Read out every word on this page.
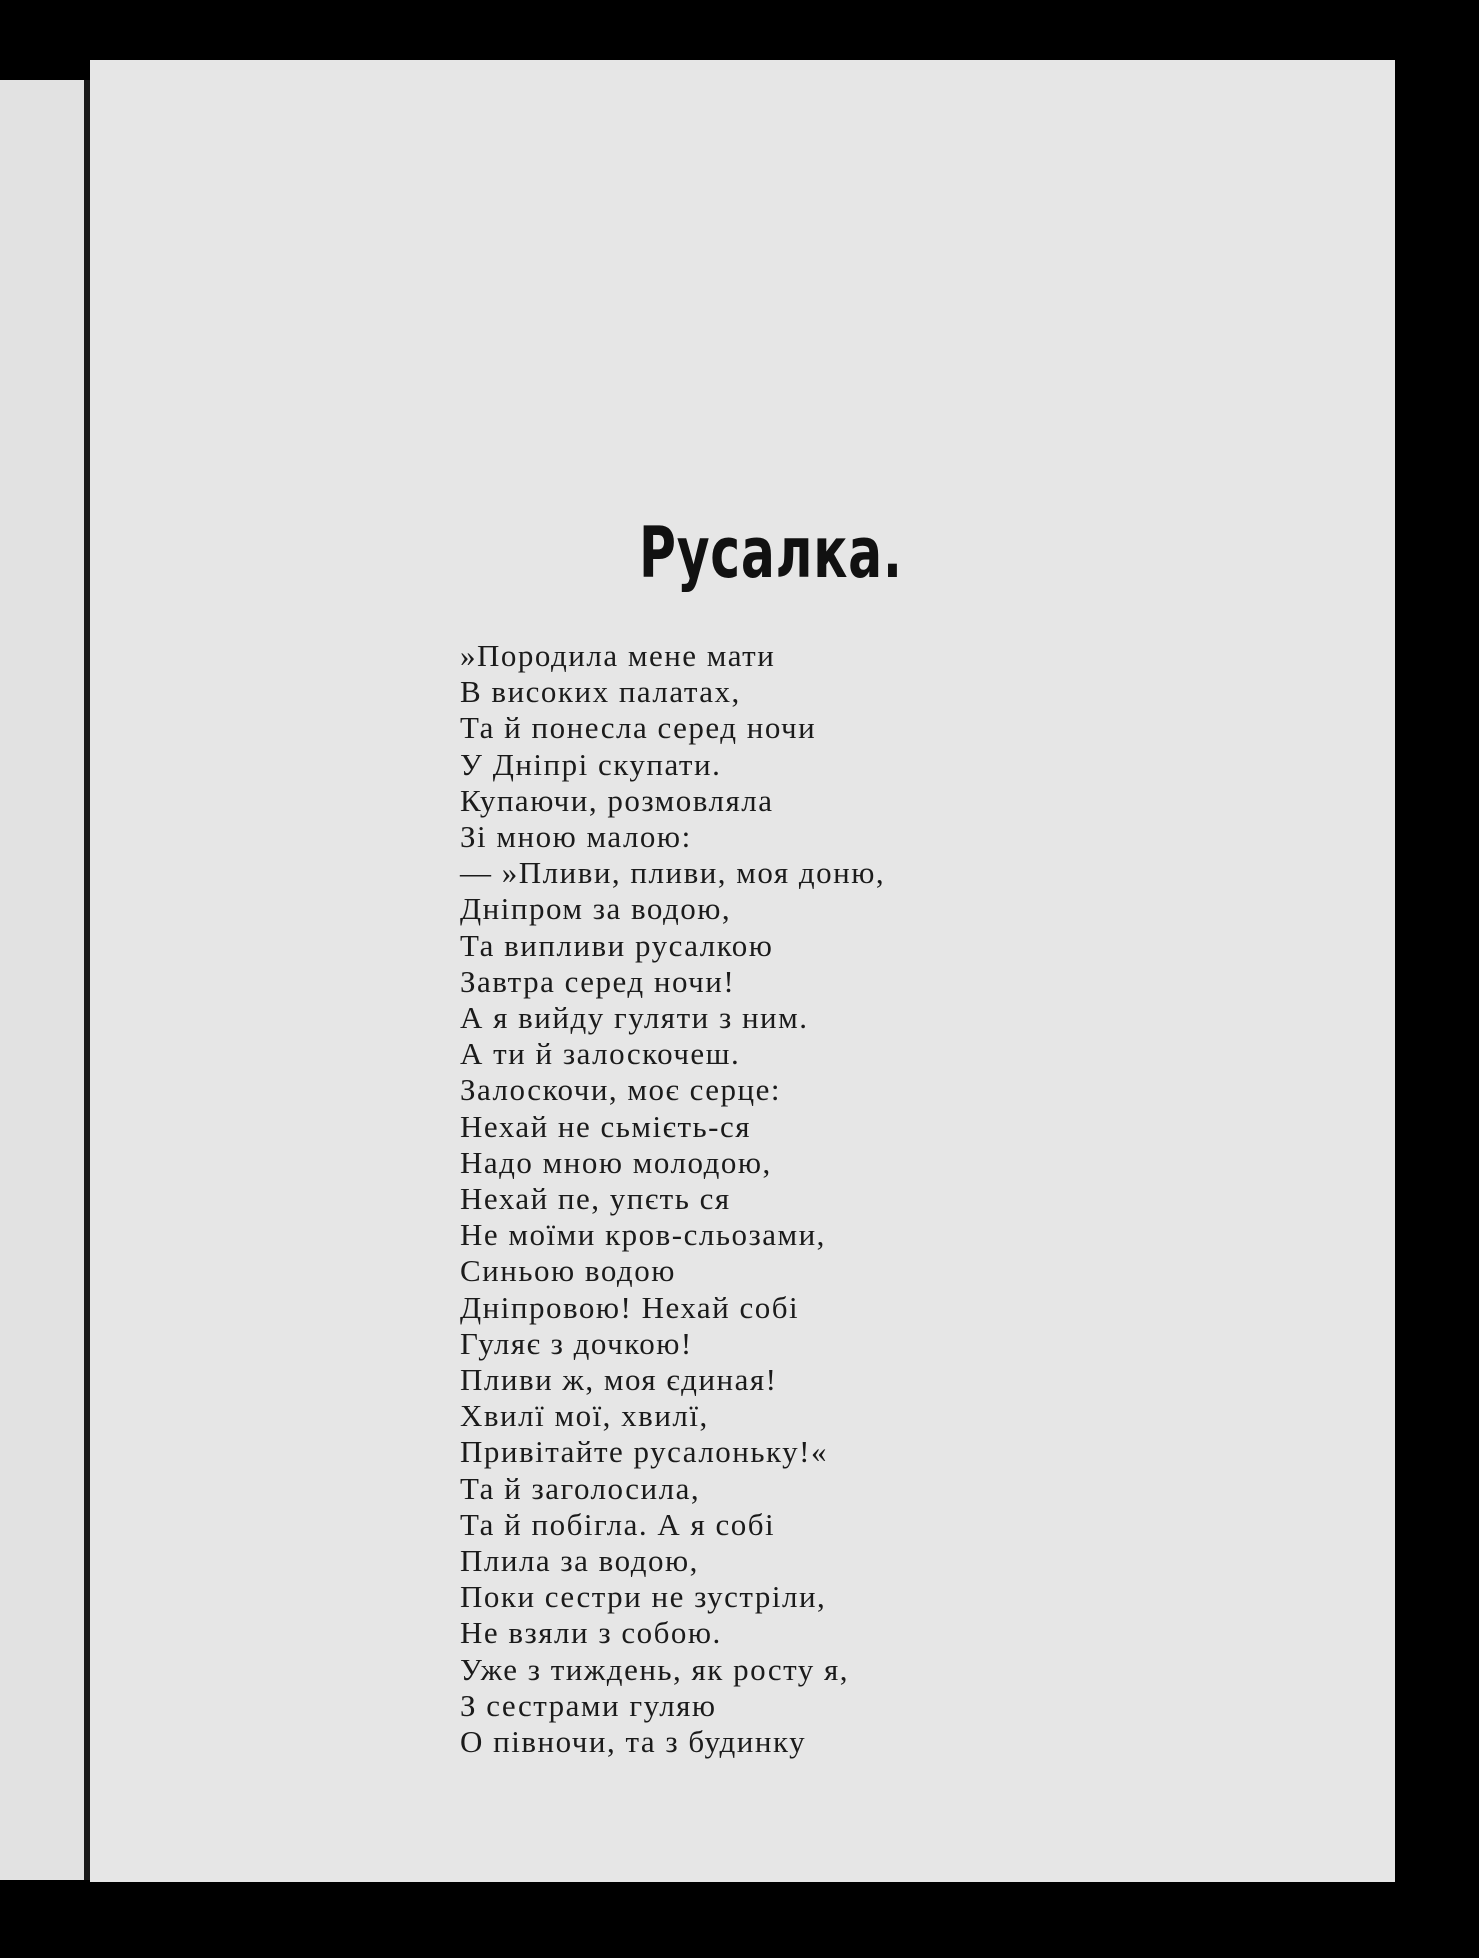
Русалка.
»Породила мене мати
В високих палатах,
Та й понесла серед ночи
У Дніпрі скупати.
Купаючи, розмовляла
Зі мною малою:
— »Пливи, пливи, моя доню,
Дніпром за водою,
Та випливи русалкою
Завтра серед ночи!
А я вийду гуляти з ним.
А ти й залоскочеш.
Залоскочи, моє серце:
Нехай не сьмієть-ся
Надо мною молодою,
Нехай пе, упєть ся
Не моїми кров-сльозами,
Синьою водою
Дніпровою! Нехай собі
Гуляє з дочкою!
Пливи ж, моя єдиная!
Хвилї мої, хвилї,
Привітайте русалоньку!«
Та й заголосила,
Та й побігла. А я собі
Плила за водою,
Поки сестри не зустріли,
Не взяли з собою.
Уже з тиждень, як росту я,
З сестрами гуляю
О півночи, та з будинку
